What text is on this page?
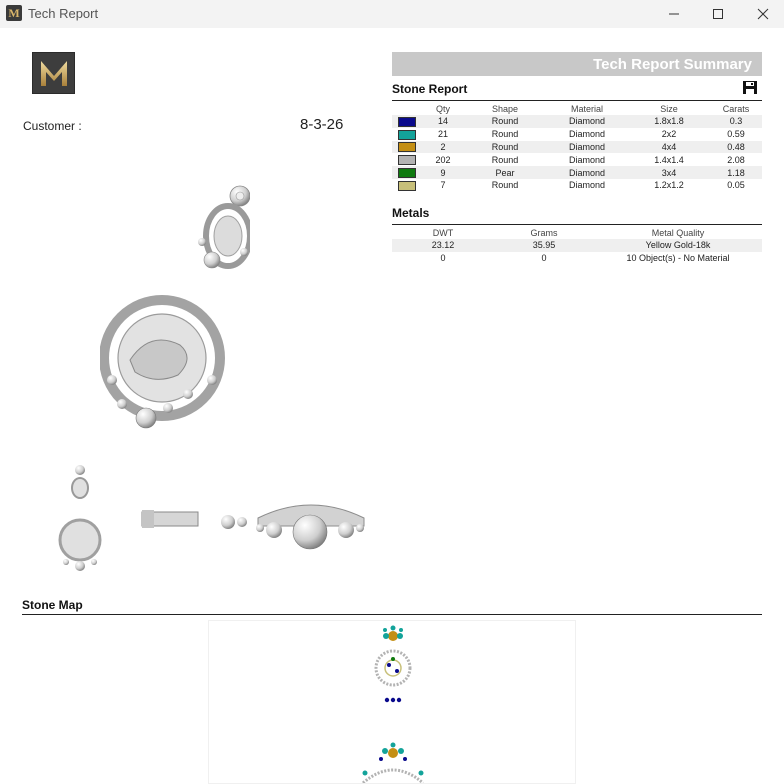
M Tech Report
Customer :	8-3-26
Tech Report Summary
Stone Report
	Qty	Shape	Material	Size	Carats
	14	Round	Diamond	1.8x1.8	0.3
	21	Round	Diamond	2x2	0.59
	2	Round	Diamond	4x4	0.48
	202	Round	Diamond	1.4x1.4	2.08
	9	Pear	Diamond	3x4	1.18
	7	Round	Diamond	1.2x1.2	0.05
Metals
DWT	Grams	Metal Quality
23.12	35.95	Yellow Gold-18k
0	0	10 Object(s) - No Material
Stone Map
